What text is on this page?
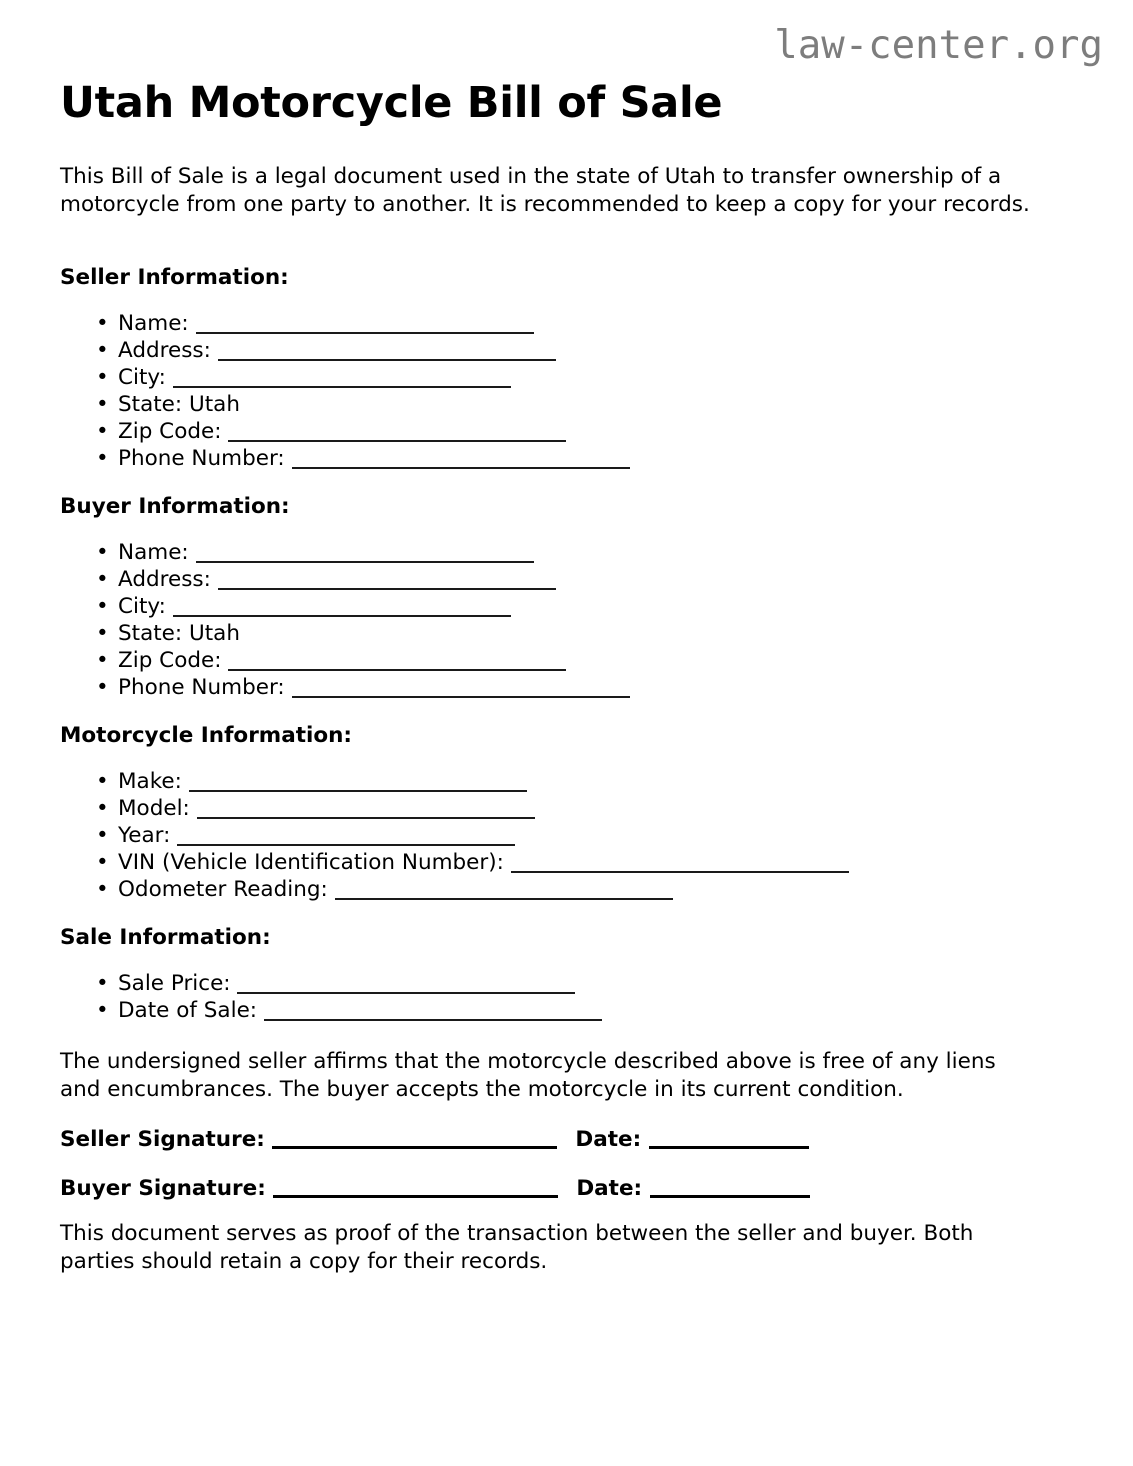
law-center.org
Utah Motorcycle Bill of Sale

This Bill of Sale is a legal document used in the state of Utah to transfer ownership of a motorcycle from one party to another. It is recommended to keep a copy for your records.

Seller Information:
• Name:
• Address:
• City:
• State: Utah
• Zip Code:
• Phone Number:
Buyer Information:
• Name:
• Address:
• City:
• State: Utah
• Zip Code:
• Phone Number:
Motorcycle Information:
• Make:
• Model:
• Year:
• VIN (Vehicle Identification Number):
• Odometer Reading:
Sale Information:
• Sale Price:
• Date of Sale:

The undersigned seller affirms that the motorcycle described above is free of any liens and encumbrances. The buyer accepts the motorcycle in its current condition.

Seller Signature:	Date:
Buyer Signature:	Date:

This document serves as proof of the transaction between the seller and buyer. Both parties should retain a copy for their records.
